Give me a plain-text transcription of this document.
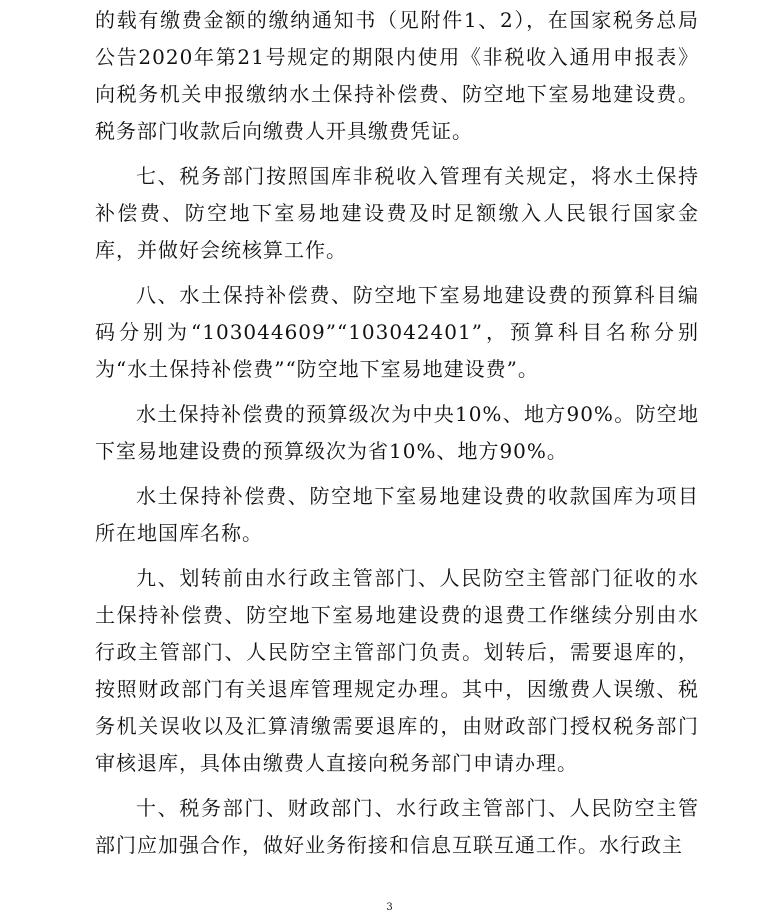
的载有缴费金额的缴纳通知书（见附件1、2），在国家税务总局公告2020年第21号规定的期限内使用《非税收入通用申报表》向税务机关申报缴纳水土保持补偿费、防空地下室易地建设费。税务部门收款后向缴费人开具缴费凭证。

七、税务部门按照国库非税收入管理有关规定，将水土保持补偿费、防空地下室易地建设费及时足额缴入人民银行国家金库，并做好会统核算工作。

八、水土保持补偿费、防空地下室易地建设费的预算科目编码分别为“103044609”“103042401”，预算科目名称分别为“水土保持补偿费”“防空地下室易地建设费”。

水土保持补偿费的预算级次为中央10%、地方90%。防空地下室易地建设费的预算级次为省10%、地方90%。

水土保持补偿费、防空地下室易地建设费的收款国库为项目所在地国库名称。

九、划转前由水行政主管部门、人民防空主管部门征收的水土保持补偿费、防空地下室易地建设费的退费工作继续分别由水行政主管部门、人民防空主管部门负责。划转后，需要退库的，按照财政部门有关退库管理规定办理。其中，因缴费人误缴、税务机关误收以及汇算清缴需要退库的，由财政部门授权税务部门审核退库，具体由缴费人直接向税务部门申请办理。

十、税务部门、财政部门、水行政主管部门、人民防空主管部门应加强合作，做好业务衔接和信息互联互通工作。水行政主

3
